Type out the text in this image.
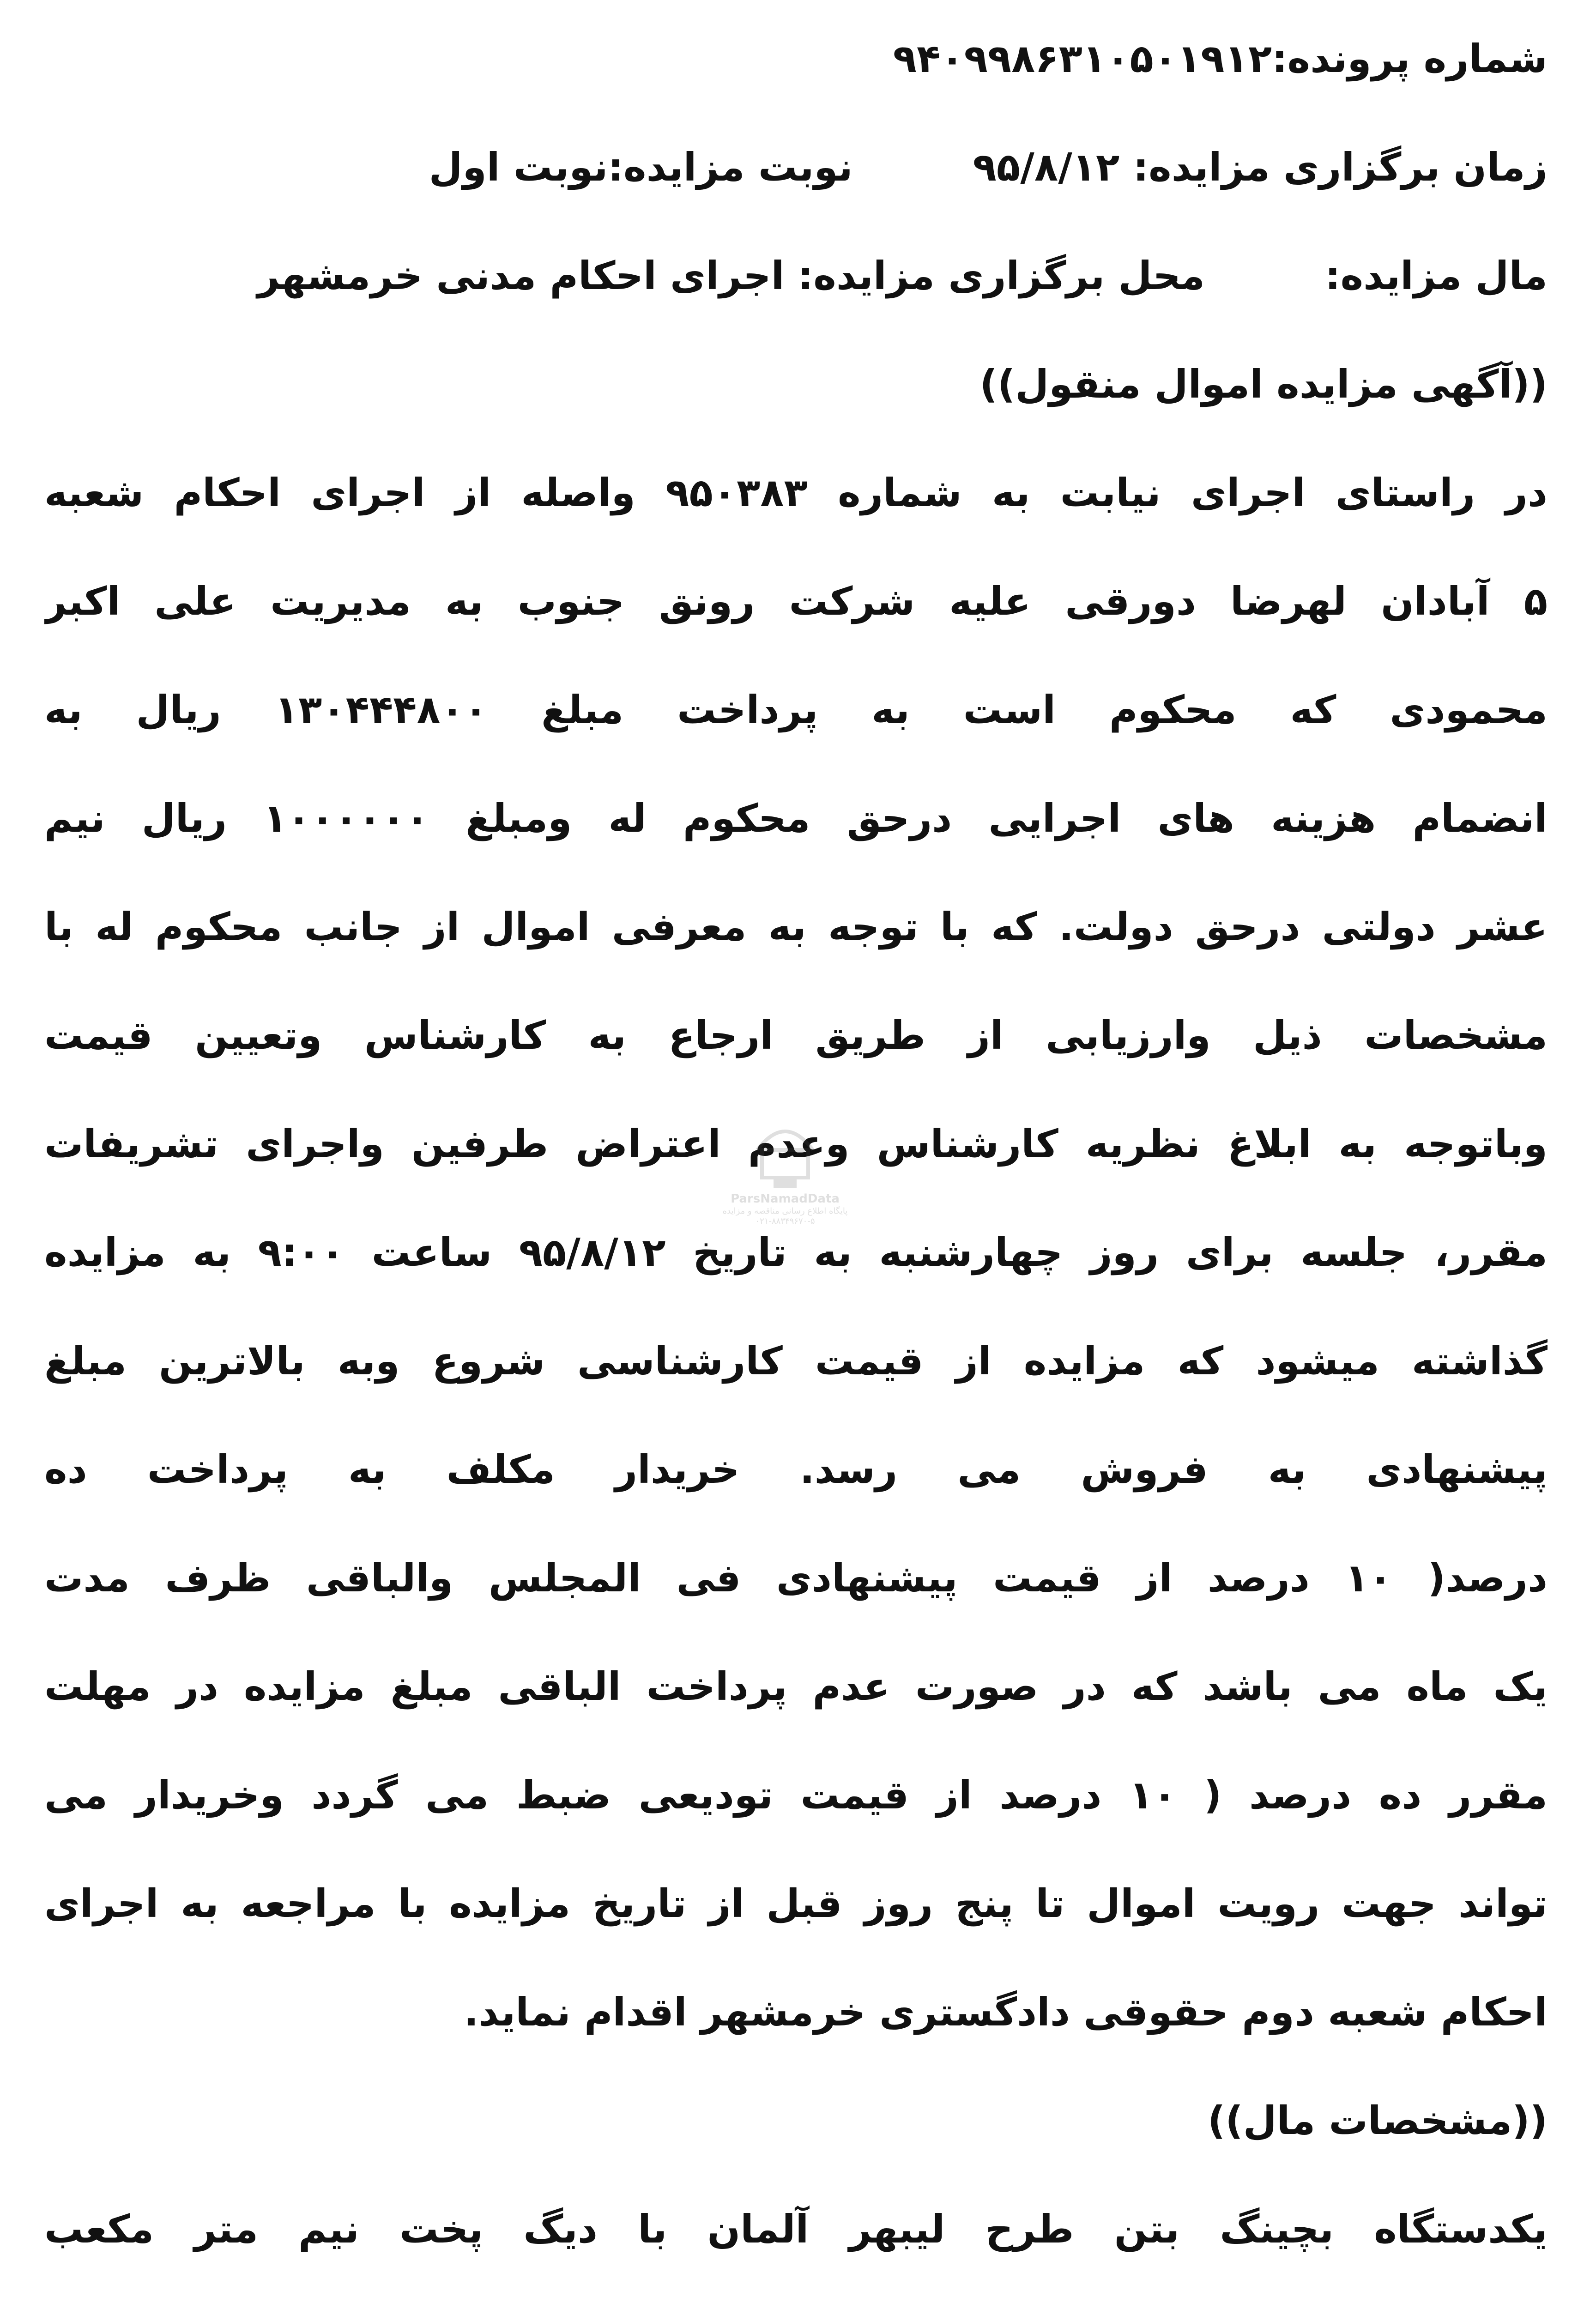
شماره پرونده:۹۴۰۹۹۸۶۳۱۰۵۰۱۹۱۲
زمان برگزاری مزایده: ۹۵/۸/۱۲
نوبت مزایده:نوبت اول
مال مزایده:
محل برگزاری مزایده: اجرای احکام مدنی خرمشهر
((آگهی مزایده اموال منقول))
در راستای اجرای نیابت به شماره ۹۵۰۳۸۳ واصله از اجرای احکام شعبه
۵ آبادان لهرضا دورقی علیه شرکت رونق جنوب به مدیریت علی اکبر
محمودی که محکوم است به پرداخت مبلغ ۱۳۰۴۴۴۸۰۰ ریال به
انضمام هزینه های اجرایی درحق محکوم له ومبلغ ۱۰۰۰۰۰۰ ریال نیم
عشر دولتی درحق دولت. که با توجه به معرفی اموال از جانب محکوم له با
مشخصات ذیل وارزیابی از طریق ارجاع به کارشناس وتعیین قیمت
وباتوجه به ابلاغ نظریه کارشناس وعدم اعتراض طرفین واجرای تشریفات
مقرر، جلسه برای روز چهارشنبه به تاریخ ۹۵/۸/۱۲ ساعت ۹:۰۰ به مزایده
گذاشته میشود که مزایده از قیمت کارشناسی شروع وبه بالاترین مبلغ
پیشنهادی به فروش می رسد. خریدار مکلف به پرداخت ده
درصد( ۱۰ درصد از قیمت پیشنهادی فی المجلس والباقی ظرف مدت
یک ماه می باشد که در صورت عدم پرداخت الباقی مبلغ مزایده در مهلت
مقرر ده درصد ( ۱۰ درصد از قیمت تودیعی ضبط می گردد وخریدار می
تواند جهت رویت اموال تا پنج روز قبل از تاریخ مزایده با مراجعه به اجرای
احکام شعبه دوم حقوقی دادگستری خرمشهر اقدام نماید.
((مشخصات مال))
یکدستگاه بچینگ بتن طرح لیبهر آلمان با دیگ پخت نیم متر مکعب
ParsNamadData
پایگاه اطلاع رسانی مناقصه و مزایده
۰۲۱-۸۸۳۴۹۶۷۰-۵
